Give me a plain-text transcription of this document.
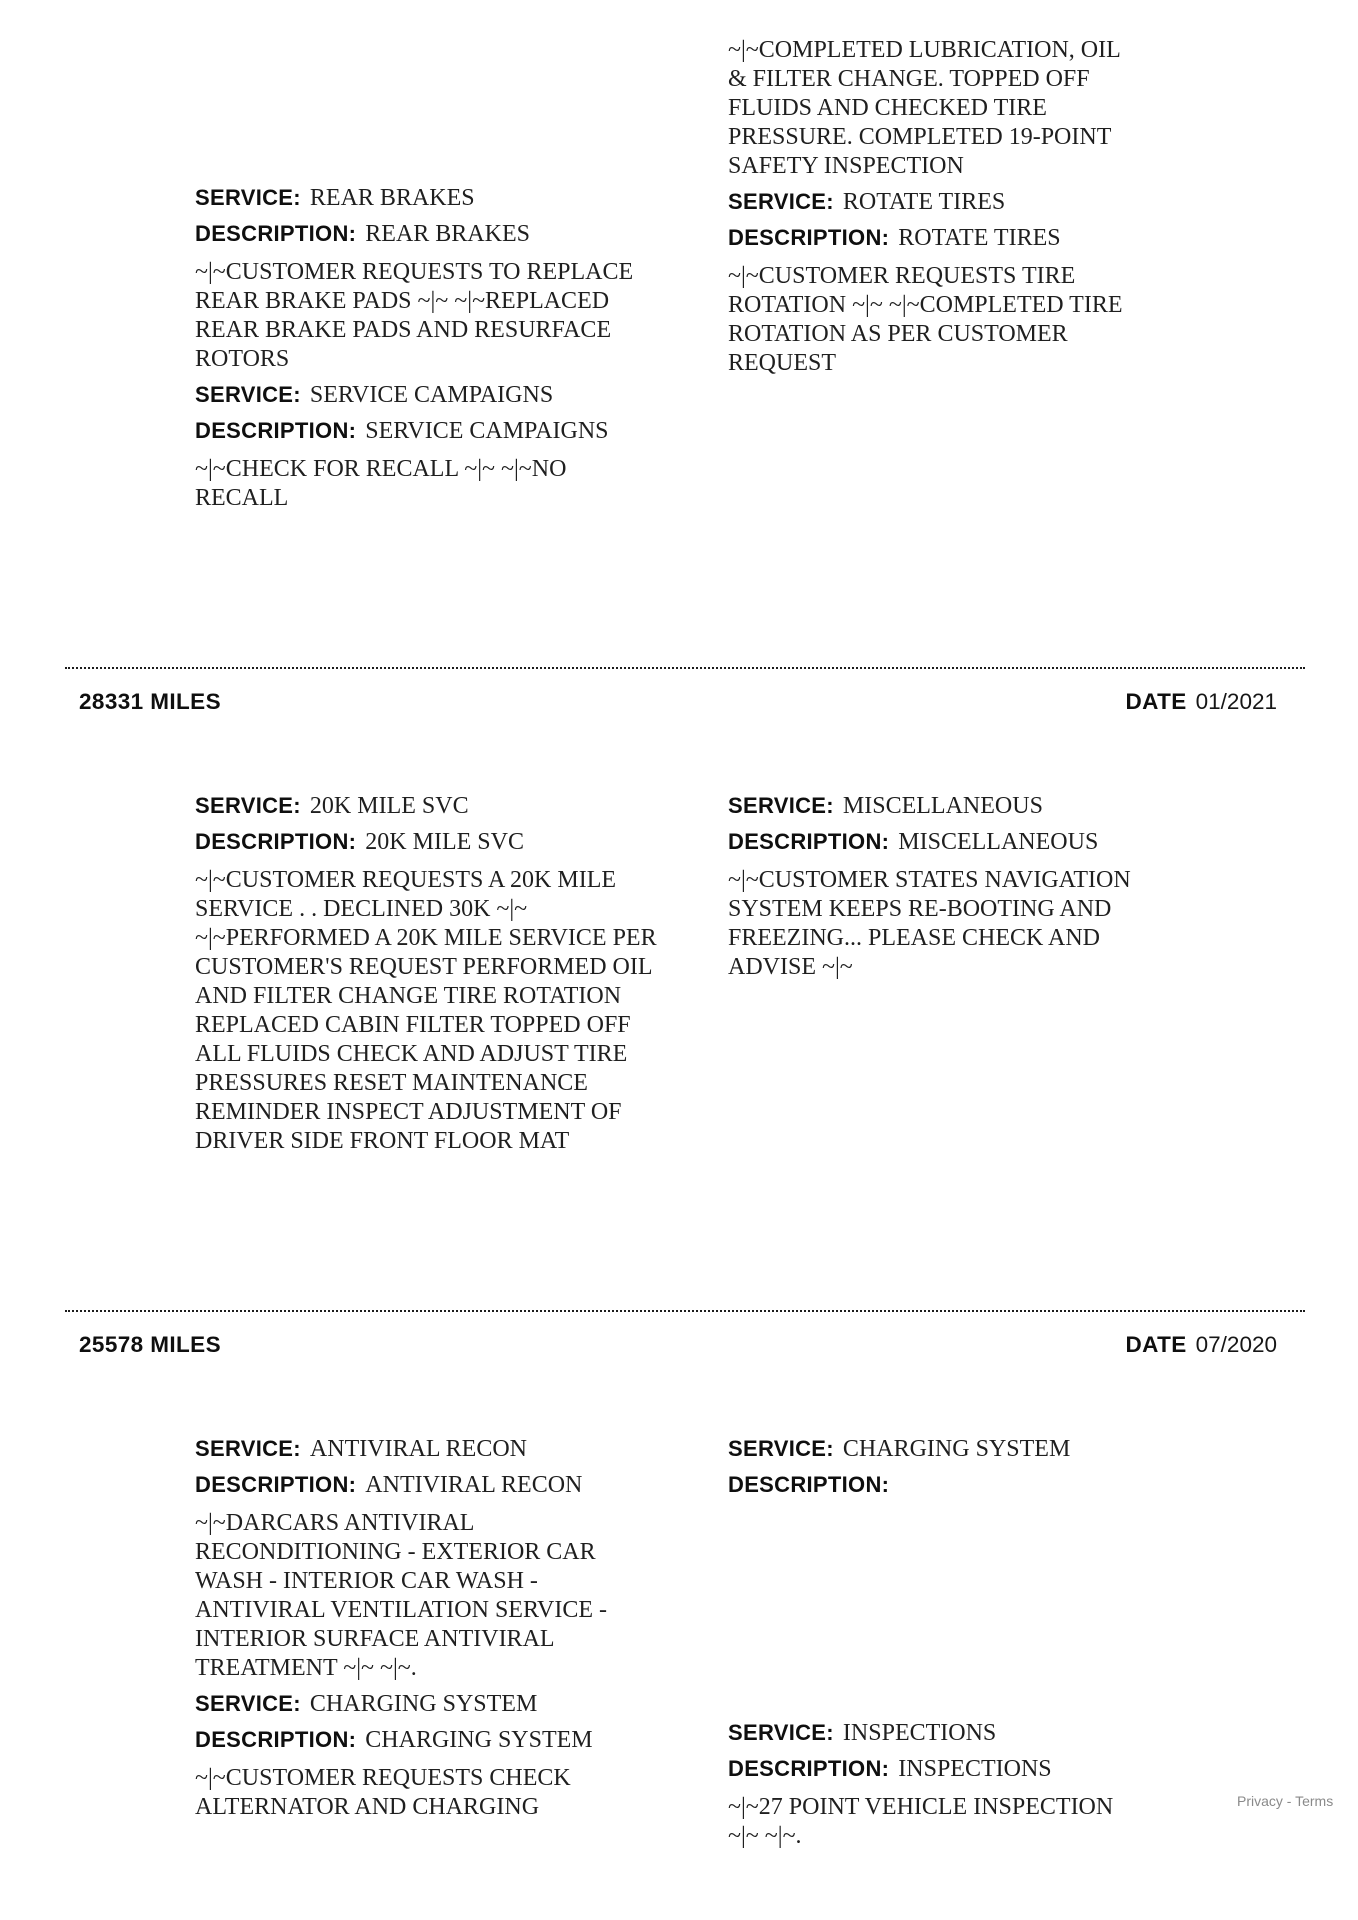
SERVICE: REAR BRAKES
DESCRIPTION: REAR BRAKES
~|~CUSTOMER REQUESTS TO REPLACE REAR BRAKE PADS ~|~ ~|~REPLACED REAR BRAKE PADS AND RESURFACE ROTORS
SERVICE: SERVICE CAMPAIGNS
DESCRIPTION: SERVICE CAMPAIGNS
~|~CHECK FOR RECALL ~|~ ~|~NO RECALL
~|~COMPLETED LUBRICATION, OIL & FILTER CHANGE. TOPPED OFF FLUIDS AND CHECKED TIRE PRESSURE. COMPLETED 19-POINT SAFETY INSPECTION
SERVICE: ROTATE TIRES
DESCRIPTION: ROTATE TIRES
~|~CUSTOMER REQUESTS TIRE ROTATION ~|~ ~|~COMPLETED TIRE ROTATION AS PER CUSTOMER REQUEST
28331 MILES	DATE 01/2021
SERVICE: 20K MILE SVC
DESCRIPTION: 20K MILE SVC
~|~CUSTOMER REQUESTS A 20K MILE SERVICE . . DECLINED 30K ~|~ ~|~PERFORMED A 20K MILE SERVICE PER CUSTOMER'S REQUEST PERFORMED OIL AND FILTER CHANGE TIRE ROTATION REPLACED CABIN FILTER TOPPED OFF ALL FLUIDS CHECK AND ADJUST TIRE PRESSURES RESET MAINTENANCE REMINDER INSPECT ADJUSTMENT OF DRIVER SIDE FRONT FLOOR MAT
SERVICE: MISCELLANEOUS
DESCRIPTION: MISCELLANEOUS
~|~CUSTOMER STATES NAVIGATION SYSTEM KEEPS RE-BOOTING AND FREEZING... PLEASE CHECK AND ADVISE ~|~
25578 MILES	DATE 07/2020
SERVICE: ANTIVIRAL RECON
DESCRIPTION: ANTIVIRAL RECON
~|~DARCARS ANTIVIRAL RECONDITIONING - EXTERIOR CAR WASH - INTERIOR CAR WASH - ANTIVIRAL VENTILATION SERVICE - INTERIOR SURFACE ANTIVIRAL TREATMENT ~|~ ~|~.
SERVICE: CHARGING SYSTEM
DESCRIPTION: CHARGING SYSTEM
~|~CUSTOMER REQUESTS CHECK ALTERNATOR AND CHARGING
SERVICE: CHARGING SYSTEM
DESCRIPTION:
SERVICE: INSPECTIONS
DESCRIPTION: INSPECTIONS
~|~27 POINT VEHICLE INSPECTION ~|~ ~|~.
Privacy - Terms
